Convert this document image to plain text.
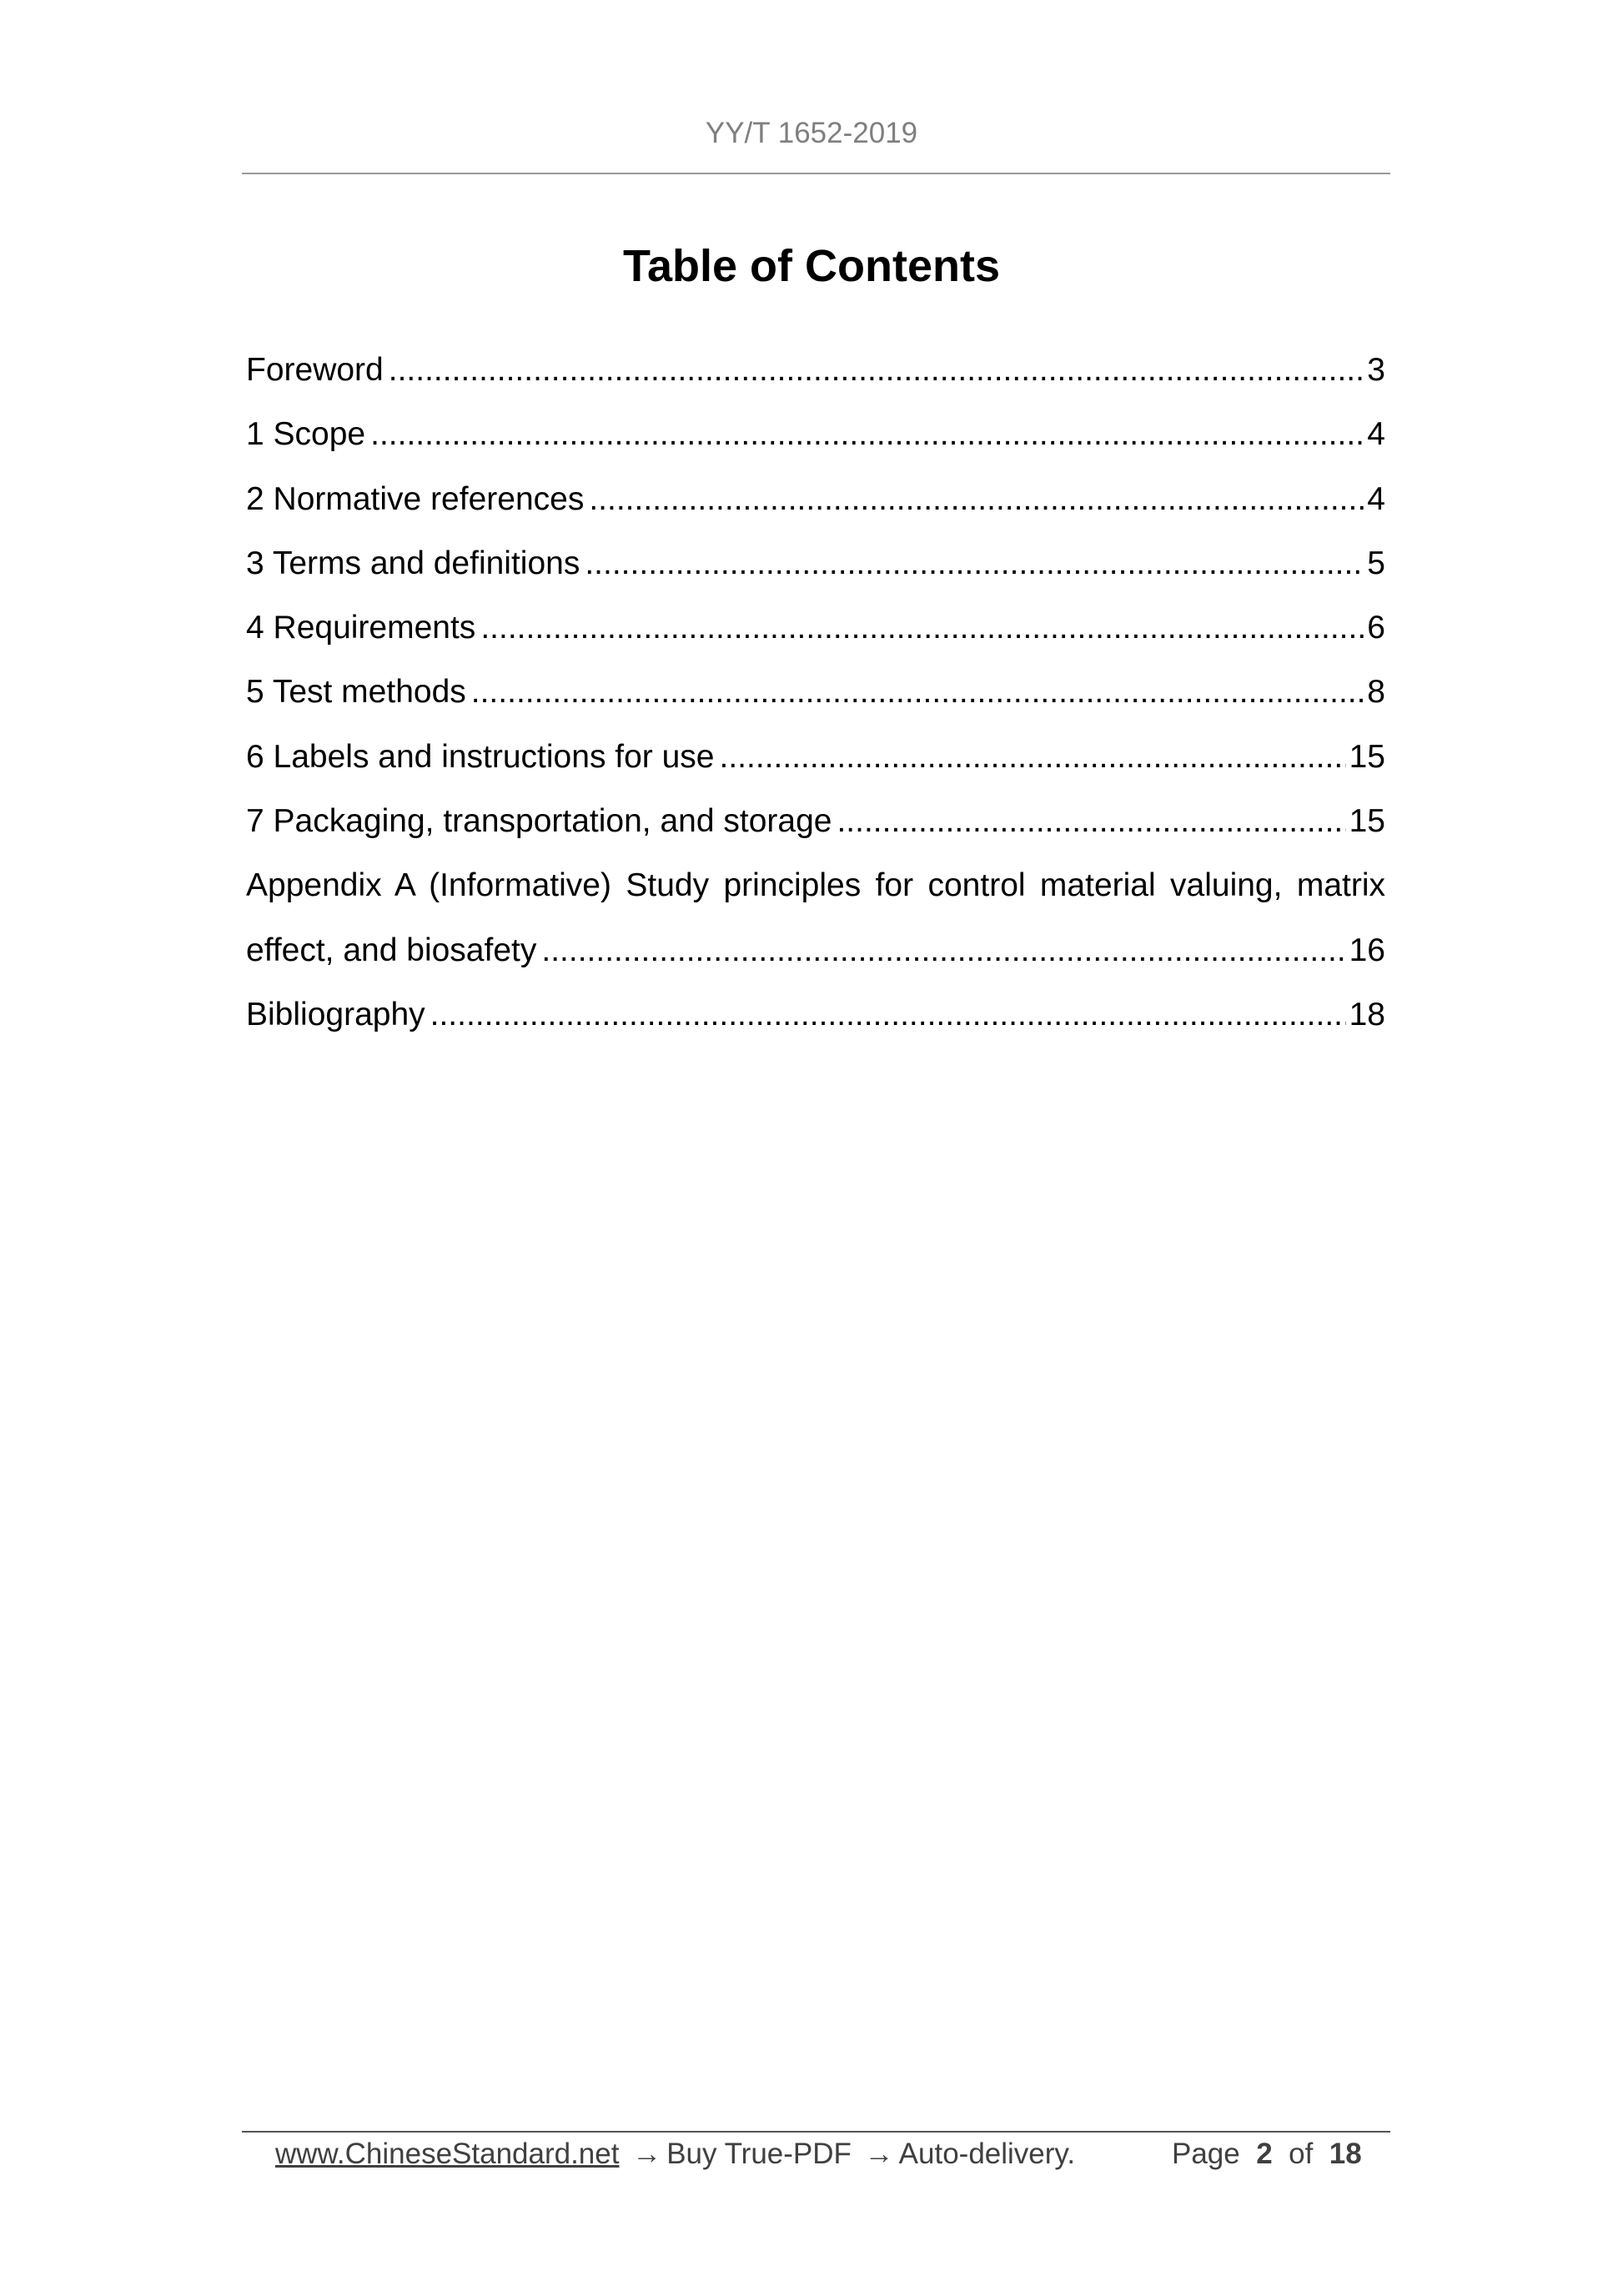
YY/T 1652-2019
Table of Contents
Foreword .....	3
1 Scope .....	4
2 Normative references .....	4
3 Terms and definitions .....	5
4 Requirements .....	6
5 Test methods .....	8
6 Labels and instructions for use .....	15
7 Packaging, transportation, and storage .....	15
Appendix A (Informative) Study principles for control material valuing, matrix
effect, and biosafety .....	16
Bibliography .....	18
www.ChineseStandard.net → Buy True-PDF → Auto-delivery.	Page 2 of 18
